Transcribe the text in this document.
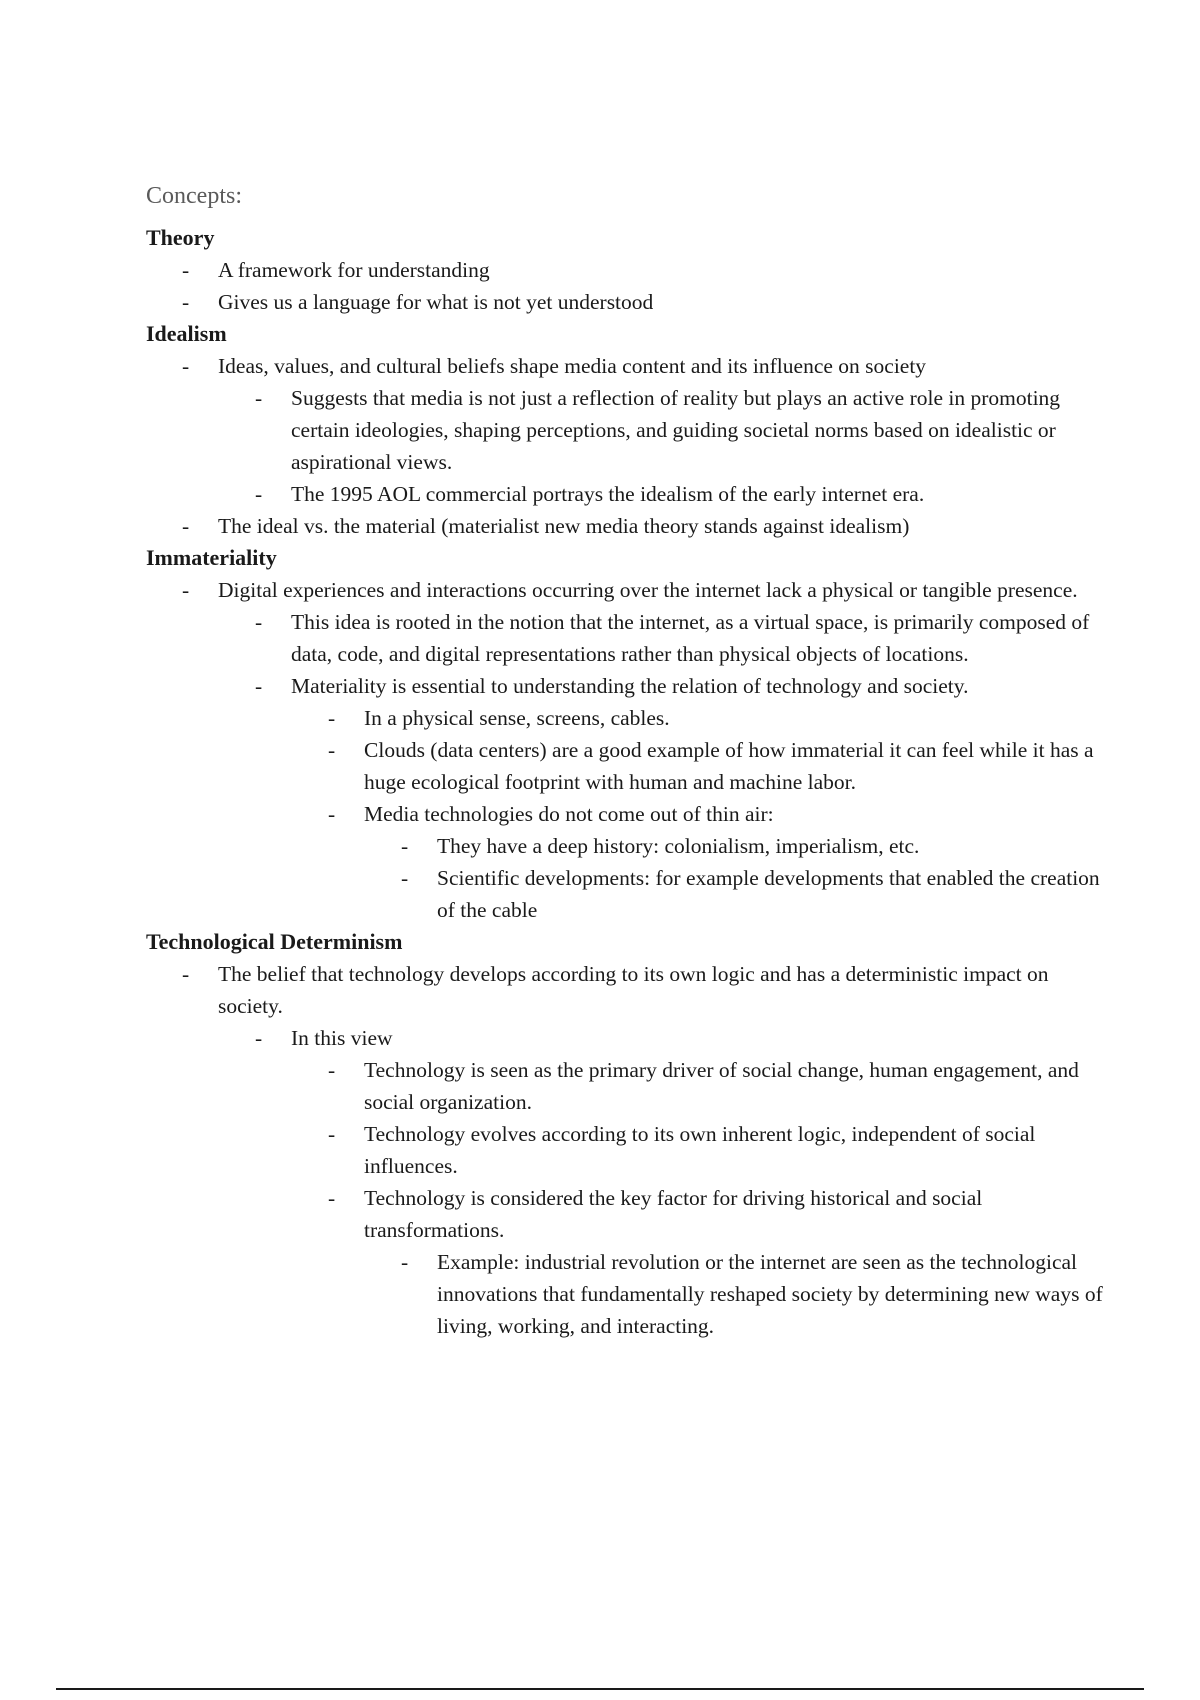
Concepts:
Theory
- A framework for understanding
- Gives us a language for what is not yet understood
Idealism
- Ideas, values, and cultural beliefs shape media content and its influence on society
- Suggests that media is not just a reflection of reality but plays an active role in promoting certain ideologies, shaping perceptions, and guiding societal norms based on idealistic or aspirational views.
- The 1995 AOL commercial portrays the idealism of the early internet era.
- The ideal vs. the material (materialist new media theory stands against idealism)
Immateriality
- Digital experiences and interactions occurring over the internet lack a physical or tangible presence.
- This idea is rooted in the notion that the internet, as a virtual space, is primarily composed of data, code, and digital representations rather than physical objects of locations.
- Materiality is essential to understanding the relation of technology and society.
- In a physical sense, screens, cables.
- Clouds (data centers) are a good example of how immaterial it can feel while it has a huge ecological footprint with human and machine labor.
- Media technologies do not come out of thin air:
- They have a deep history: colonialism, imperialism, etc.
- Scientific developments: for example developments that enabled the creation of the cable
Technological Determinism
- The belief that technology develops according to its own logic and has a deterministic impact on society.
- In this view
- Technology is seen as the primary driver of social change, human engagement, and social organization.
- Technology evolves according to its own inherent logic, independent of social influences.
- Technology is considered the key factor for driving historical and social transformations.
- Example: industrial revolution or the internet are seen as the technological innovations that fundamentally reshaped society by determining new ways of living, working, and interacting.
